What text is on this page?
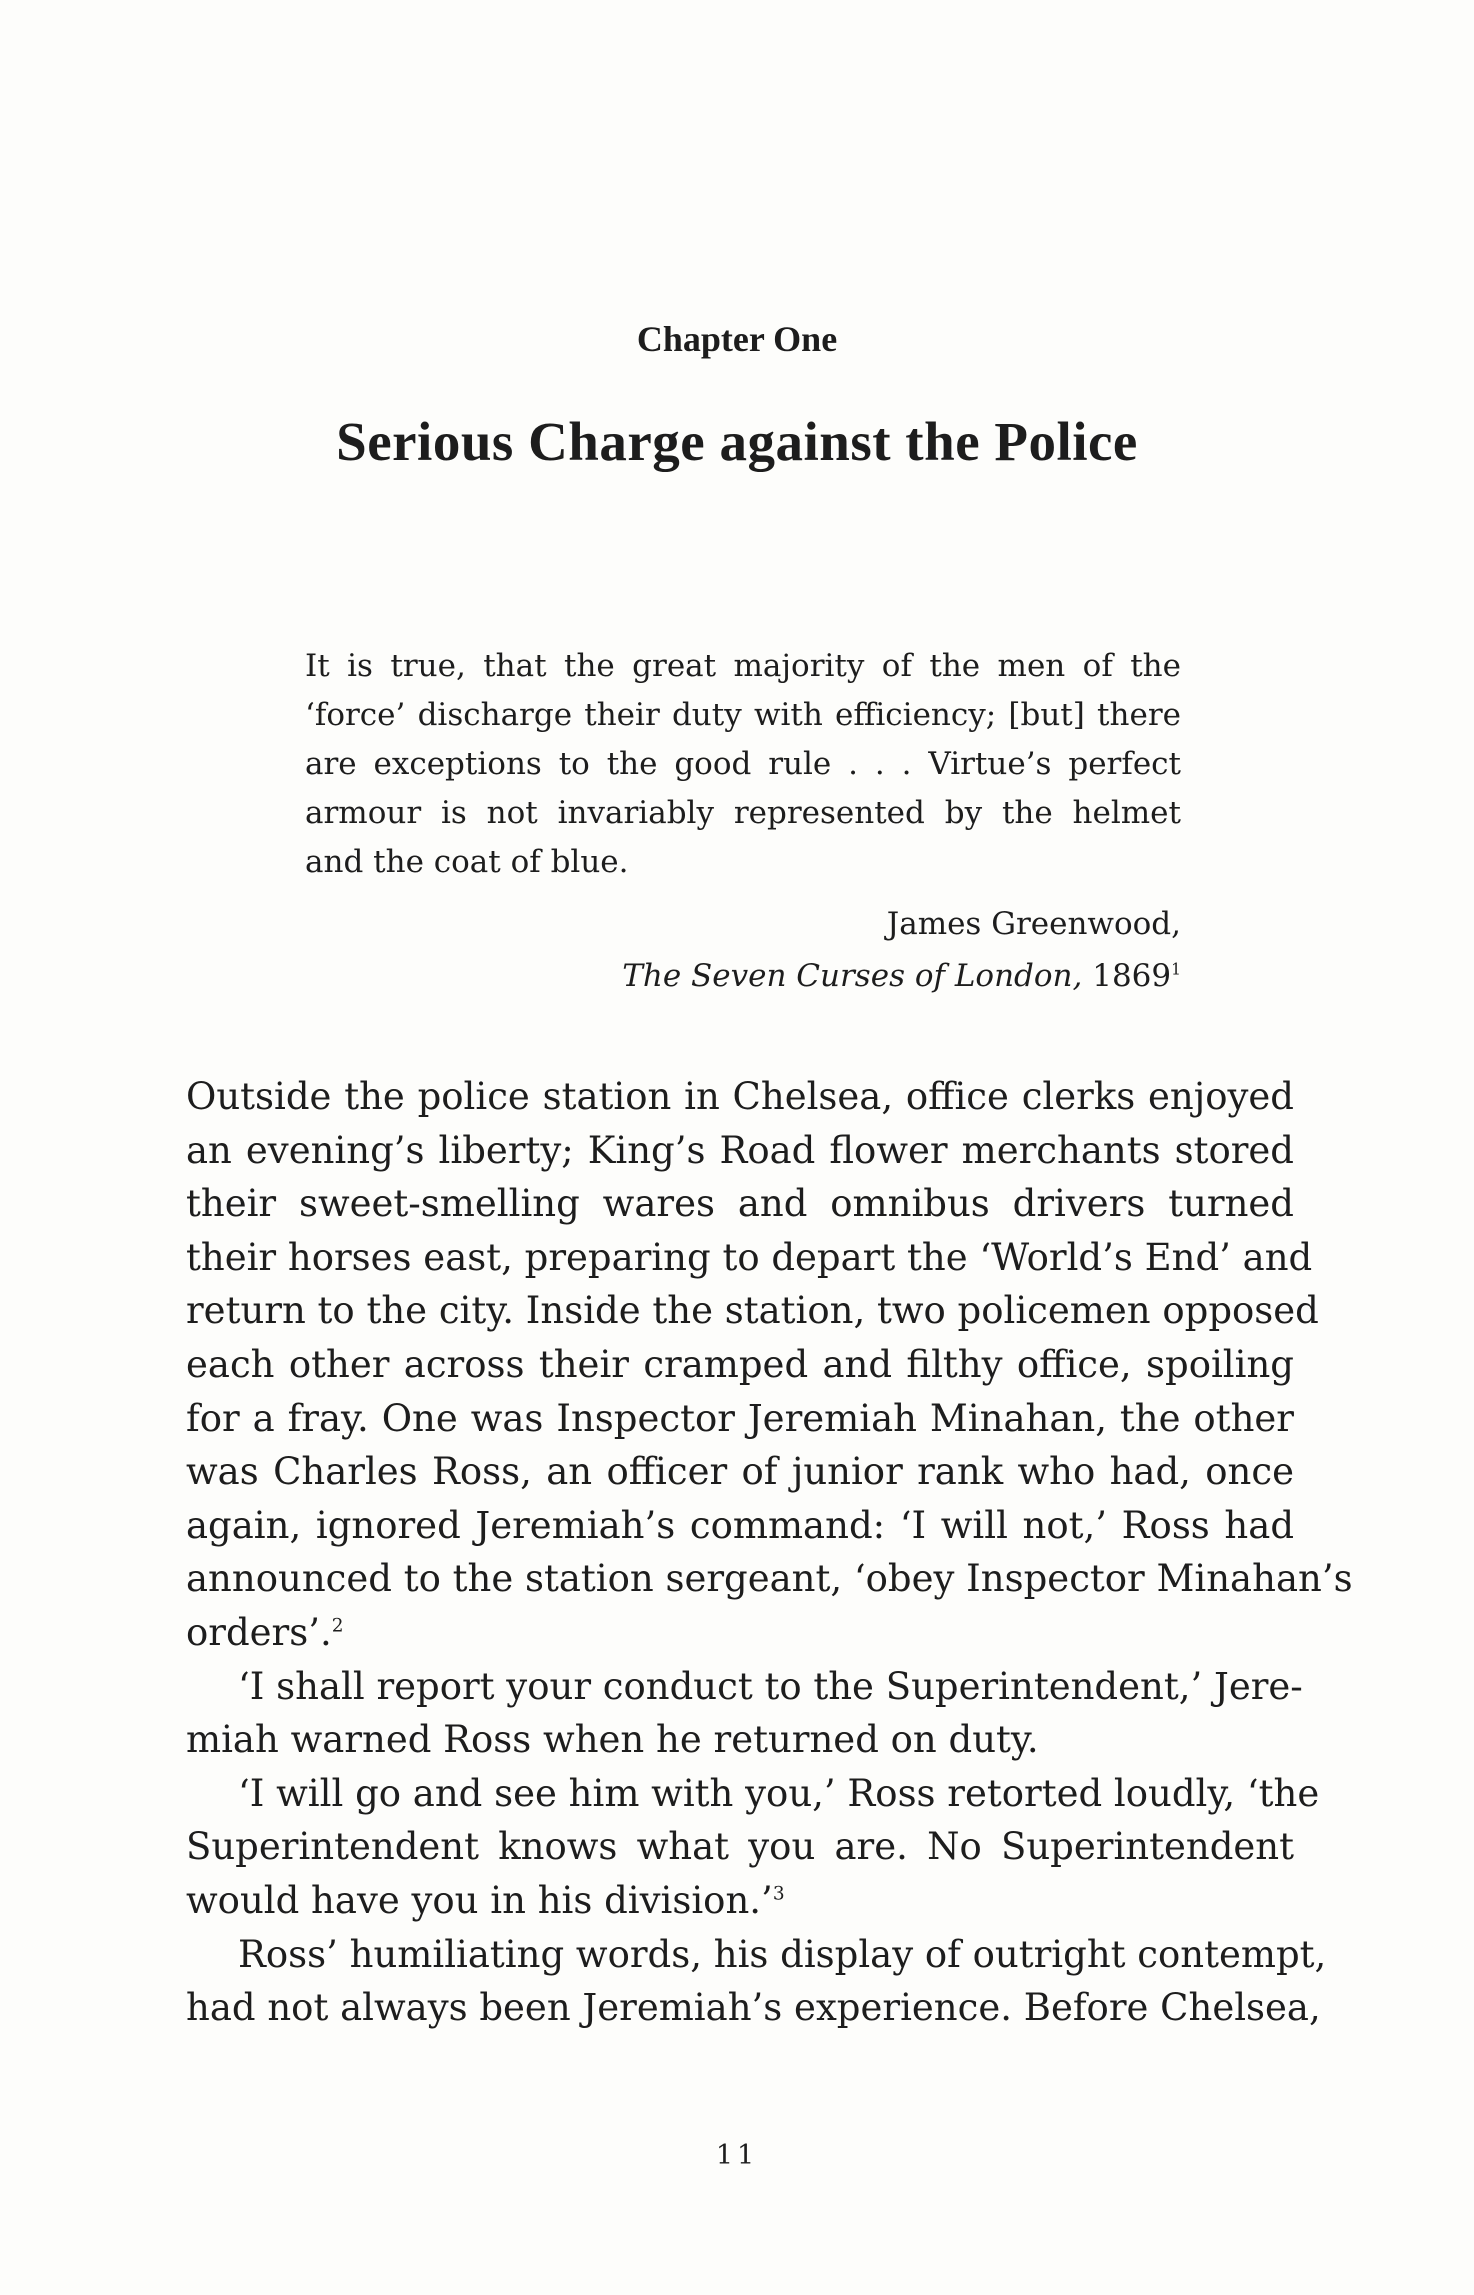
Chapter One
Serious Charge against the Police
It is true, that the great majority of the men of the
‘force’ discharge their duty with efficiency; [but] there
are exceptions to the good rule . . . Virtue’s perfect
armour is not invariably represented by the helmet
and the coat of blue.
James Greenwood,
The Seven Curses of London, 1869$^1$
Outside the police station in Chelsea, office clerks enjoyed
an evening’s liberty; King’s Road flower merchants stored
their sweet-smelling wares and omnibus drivers turned
their horses east, preparing to depart the ‘World’s End’ and
return to the city. Inside the station, two policemen opposed
each other across their cramped and filthy office, spoiling
for a fray. One was Inspector Jeremiah Minahan, the other
was Charles Ross, an officer of junior rank who had, once
again, ignored Jeremiah’s command: ‘I will not,’ Ross had
announced to the station sergeant, ‘obey Inspector Minahan’s
orders’.$^2$
‘I shall report your conduct to the Superintendent,’ Jere-
miah warned Ross when he returned on duty.
‘I will go and see him with you,’ Ross retorted loudly, ‘the
Superintendent knows what you are. No Superintendent
would have you in his division.’$^3$
Ross’ humiliating words, his display of outright contempt,
had not always been Jeremiah’s experience. Before Chelsea,
11
